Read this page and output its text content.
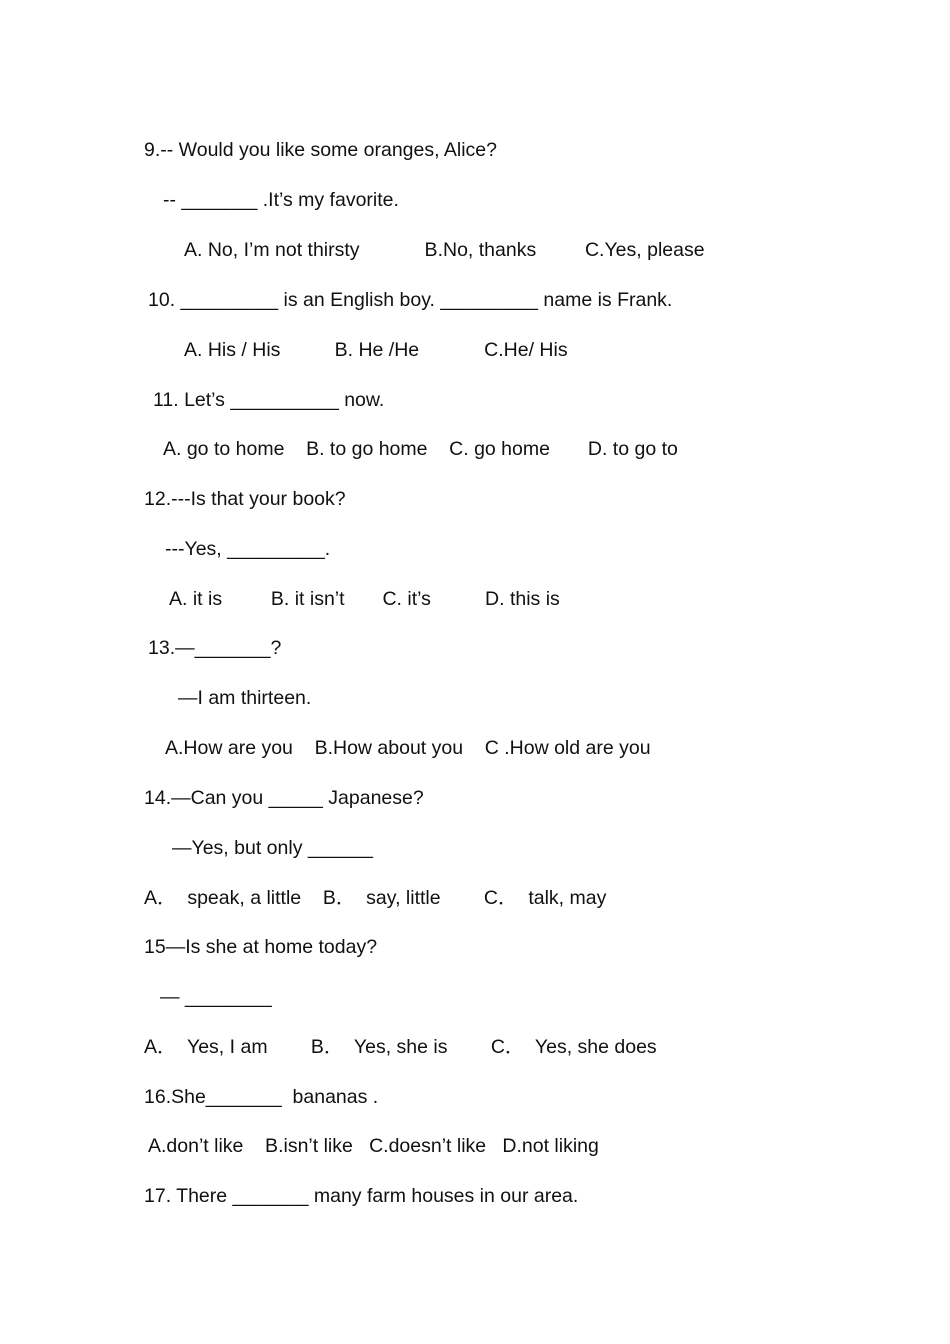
9.-- Would you like some oranges, Alice?
-- _______ .It’s my favorite.
A. No, I’m not thirsty            B.No, thanks         C.Yes, please
10. _________ is an English boy. _________ name is Frank.
A. His / His          B. He /He            C.He/ His
11. Let’s __________ now.
A. go to home    B. to go home    C. go home       D. to go to
12.---Is that your book?
---Yes, _________.
A. it is         B. it isn’t       C. it’s          D. this is
13.—_______?
—I am thirteen.
A.How are you    B.How about you    C .How old are you
14.—Can you _____ Japanese?
—Yes, but only ______
A．  speak, a little    B．  say, little        C．  talk, may
15—Is she at home today?
— ________
A．  Yes, I am        B．  Yes, she is        C．  Yes, she does
16.She_______  bananas .
A.don’t like    B.isn’t like   C.doesn’t like   D.not liking
17. There _______ many farm houses in our area.
